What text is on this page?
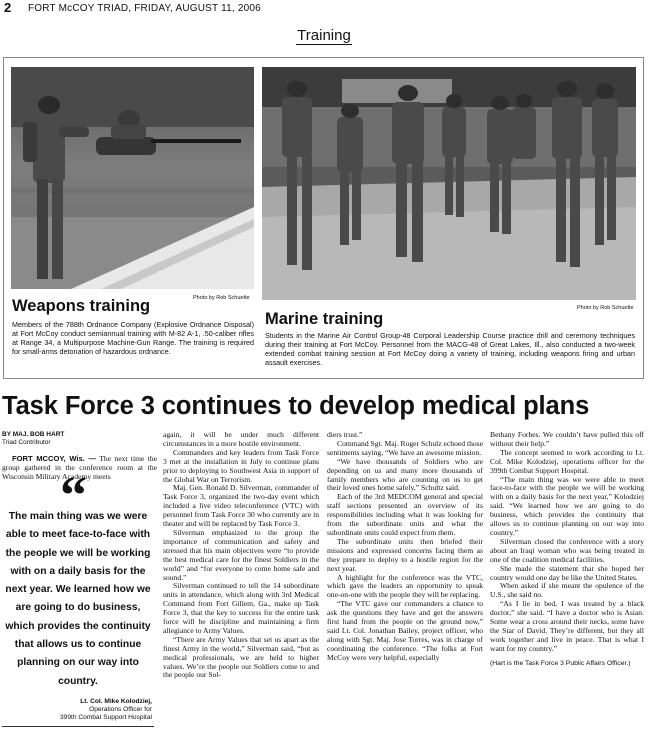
2 FORT McCOY TRIAD, FRIDAY, AUGUST 11, 2006
Training
Photo by Rob Schuette
Weapons training
Members of the 788th Ordnance Company (Explosive Ordnance Disposal) at Fort McCoy conduct semiannual training with M-82 A-1, .50-caliber rifles at Range 34, a Multipurpose Machine-Gun Range. The training is required for small-arms detonation of hazardous ordnance.
Photo by Rob Schuette
Marine training
Students in the Marine Air Control Group-48 Corporal Leadership Course practice drill and ceremony techniques during their training at Fort McCoy. Personnel from the MACG-48 of Great Lakes, Ill., also conducted a two-week extended combat training session at Fort McCoy doing a variety of training, including weapons firing and urban assault exercises.
Task Force 3 continues to develop medical plans
BY MAJ. BOB HART
Triad Contributor

FORT MCCOY, Wis. — The next time the group gathered in the conference room at the Wisconsin Military Academy meets

“
The main thing was we were able to meet face-to-face with the people we will be working with on a daily basis for the next year. We learned how we are going to do business, which provides the continuity that allows us to continue planning on our way into country.
Lt. Col. Mike Kolodziej,
Operations Officer for
399th Combat Support Hospital

again, it will be under much different circumstances in a more hostile environment.

Commanders and key leaders from Task Force 3 met at the installation in July to continue plans prior to deploying to Southwest Asia in support of the Global War on Terrorism.

Maj. Gen. Ronald D. Silverman, commander of Task Force 3, organized the two-day event which included a live video teleconference (VTC) with personnel from Task Force 30 who currently are in theater and will be replaced by Task Force 3.

Silverman emphasized to the group the importance of communication and safety and stressed that his main objectives were “to provide the best medical care for the finest Soldiers in the world” and “for everyone to come home safe and sound.”

Silverman continued to tell the 14 subordinate units in attendance, which along with 3rd Medical Command from Fort Gillem, Ga., make up Task Force 3, that the key to success for the entire task force will be discipline and maintaining a firm allegiance to Army Values.

“There are Army Values that set us apart as the finest Army in the world,” Silverman said, “but as medical professionals, we are held to higher values. We’re the people our Soldiers come to and the people our Sol-

diers trust.”

Command Sgt. Maj. Roger Schulz echoed those sentiments saying, “We have an awesome mission.

“We have thousands of Soldiers who are depending on us and many more thousands of family members who are counting on us to get their loved ones home safely,” Schultz said.

Each of the 3rd MEDCOM general and special staff sections presented an overview of its responsibilities including what it was looking for from the subordinate units and what the subordinate units could expect from them.

The subordinate units then briefed their missions and expressed concerns facing them as they prepare to deploy to a hostile region for the next year.

A highlight for the conference was the VTC, which gave the leaders an opportunity to speak one-on-one with the people they will be replacing.

“The VTC gave our commanders a chance to ask the questions they have and get the answers first hand from the people on the ground now,” said Lt. Col. Jonathan Bailey, project officer, who along with Sgt. Maj. Jose Torres, was in charge of coordinating the conference. “The folks at Fort McCoy were very helpful, especially

Bethany Forbes. We couldn’t have pulled this off without their help.”

The concept seemed to work according to Lt. Col. Mike Kolodziej, operations officer for the 399th Combat Support Hospital.

“The main thing was we were able to meet face-to-face with the people we will be working with on a daily basis for the next year,” Kolodziej said. “We learned how we are going to do business, which provides the continuity that allows us to continue planning on our way into country.”

Silverman closed the conference with a story about an Iraqi woman who was being treated in one of the coalition medical facilities.

She made the statement that she hoped her country would one day be like the United States.

When asked if she meant the opulence of the U.S., she said no.

“As I lie in bed, I was treated by a black doctor,” she said. “I have a doctor who is Asian. Some wear a cross around their necks, some have the Star of David. They’re different, but they all work together and live in peace. That is what I want for my country.”

(Hart is the Task Force 3 Public Affairs Officer.)
